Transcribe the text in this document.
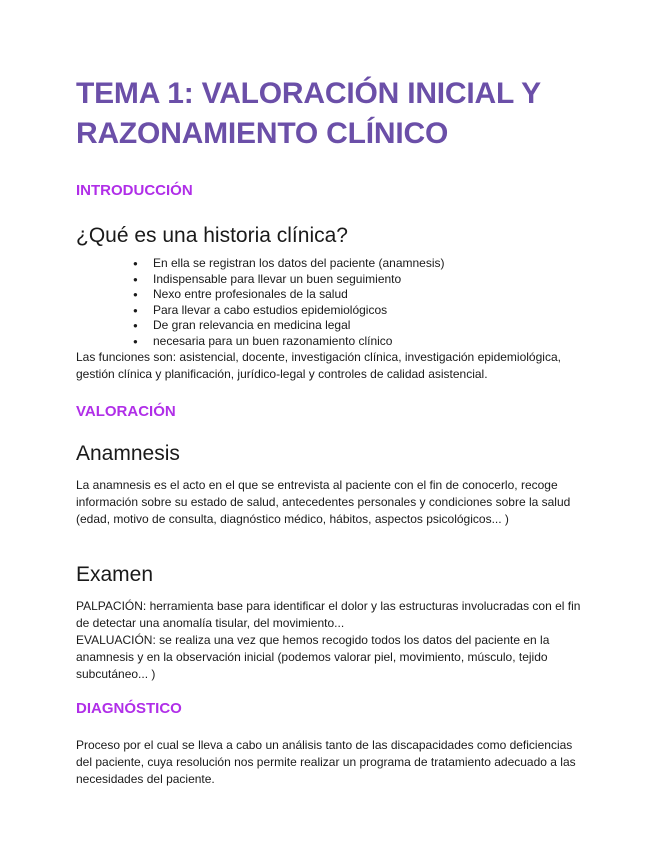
TEMA 1: VALORACIÓN INICIAL Y RAZONAMIENTO CLÍNICO
INTRODUCCIÓN
¿Qué es una historia clínica?
● En ella se registran los datos del paciente (anamnesis)
● Indispensable para llevar un buen seguimiento
● Nexo entre profesionales de la salud
● Para llevar a cabo estudios epidemiológicos
● De gran relevancia en medicina legal
● necesaria para un buen razonamiento clínico

Las funciones son: asistencial, docente, investigación clínica, investigación epidemiológica, gestión clínica y planificación, jurídico-legal y controles de calidad asistencial.

VALORACIÓN
Anamnesis

La anamnesis es el acto en el que se entrevista al paciente con el fin de conocerlo, recoge información sobre su estado de salud, antecedentes personales y condiciones sobre la salud (edad, motivo de consulta, diagnóstico médico, hábitos, aspectos psicológicos... )

Examen

PALPACIÓN: herramienta base para identificar el dolor y las estructuras involucradas con el fin de detectar una anomalía tisular, del movimiento...

EVALUACIÓN: se realiza una vez que hemos recogido todos los datos del paciente en la anamnesis y en la observación inicial (podemos valorar piel, movimiento, músculo, tejido subcutáneo... )

DIAGNÓSTICO

Proceso por el cual se lleva a cabo un análisis tanto de las discapacidades como deficiencias del paciente, cuya resolución nos permite realizar un programa de tratamiento adecuado a las necesidades del paciente.
